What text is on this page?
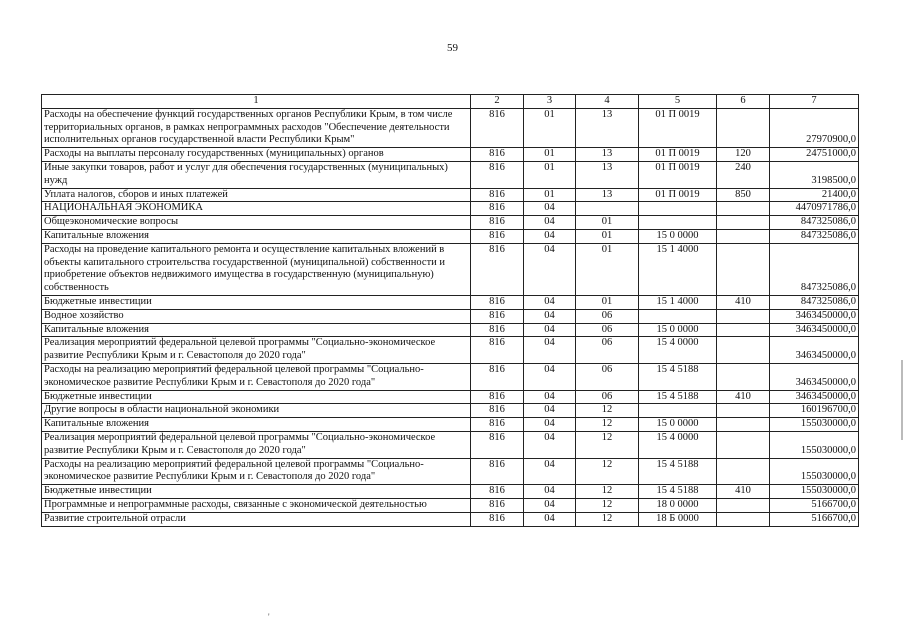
59
1	2	3	4	5	6	7
Расходы на обеспечение функций государственных органов Республики Крым, в том числе территориальных органов, в рамках непрограммных расходов "Обеспечение деятельности исполнительных органов государственной власти Республики Крым"	816	01	13	01 П 0019		27970900,0
Расходы на выплаты персоналу государственных (муниципальных) органов	816	01	13	01 П 0019	120	24751000,0
Иные закупки товаров, работ и услуг для обеспечения государственных (муниципальных) нужд	816	01	13	01 П 0019	240	3198500,0
Уплата налогов, сборов и иных платежей	816	01	13	01 П 0019	850	21400,0
НАЦИОНАЛЬНАЯ ЭКОНОМИКА	816	04				4470971786,0
Общеэкономические вопросы	816	04	01			847325086,0
Капитальные вложения	816	04	01	15 0 0000		847325086,0
Расходы на проведение капитального ремонта и осуществление капитальных вложений в объекты капитального строительства государственной (муниципальной) собственности и приобретение объектов недвижимого имущества в государственную (муниципальную) собственность	816	04	01	15 1 4000		847325086,0
Бюджетные инвестиции	816	04	01	15 1 4000	410	847325086,0
Водное хозяйство	816	04	06			3463450000,0
Капитальные вложения	816	04	06	15 0 0000		3463450000,0
Реализация мероприятий федеральной целевой программы "Социально-экономическое развитие Республики Крым и г. Севастополя до 2020 года"	816	04	06	15 4 0000		3463450000,0
Расходы на реализацию мероприятий федеральной целевой программы "Социально-экономическое развитие Республики Крым и г. Севастополя до 2020 года"	816	04	06	15 4 5188		3463450000,0
Бюджетные инвестиции	816	04	06	15 4 5188	410	3463450000,0
Другие вопросы в области национальной экономики	816	04	12			160196700,0
Капитальные вложения	816	04	12	15 0 0000		155030000,0
Реализация мероприятий федеральной целевой программы "Социально-экономическое развитие Республики Крым и г. Севастополя до 2020 года"	816	04	12	15 4 0000		155030000,0
Расходы на реализацию мероприятий федеральной целевой программы "Социально-экономическое развитие Республики Крым и г. Севастополя до 2020 года"	816	04	12	15 4 5188		155030000,0
Бюджетные инвестиции	816	04	12	15 4 5188	410	155030000,0
Программные и непрограммные расходы, связанные с экономической деятельностью	816	04	12	18 0 0000		5166700,0
Развитие строительной отрасли	816	04	12	18 Б 0000		5166700,0
'
